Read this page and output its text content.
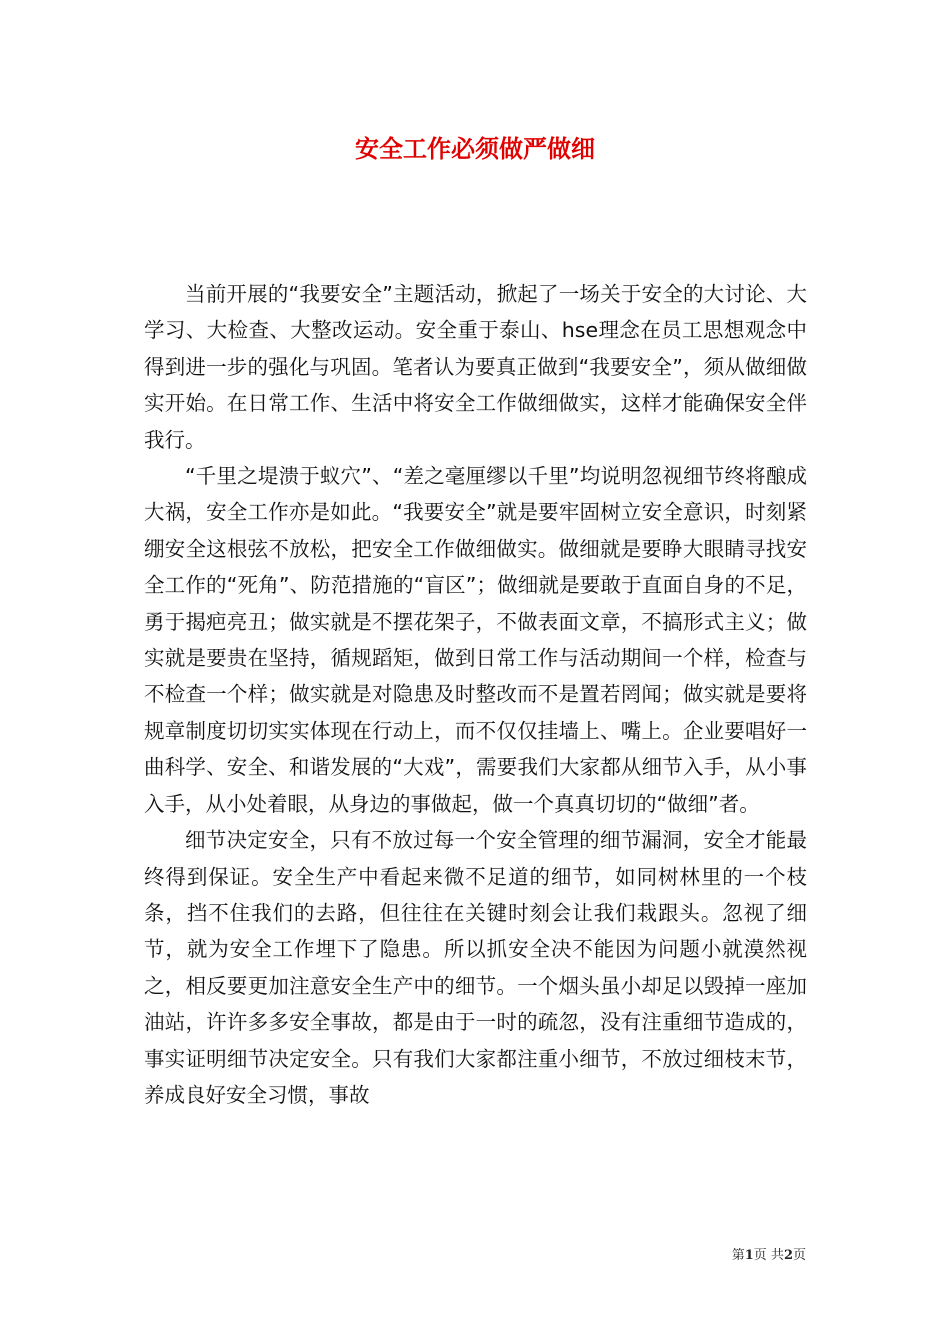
安全工作必须做严做细

当前开展的“我要安全”主题活动，掀起了一场关于安全的大讨论、大学习、大检查、大整改运动。安全重于泰山、hse理念在员工思想观念中得到进一步的强化与巩固。笔者认为要真正做到“我要安全”，须从做细做实开始。在日常工作、生活中将安全工作做细做实，这样才能确保安全伴我行。

“千里之堤溃于蚁穴”、“差之毫厘缪以千里”均说明忽视细节终将酿成大祸，安全工作亦是如此。“我要安全”就是要牢固树立安全意识，时刻紧绷安全这根弦不放松，把安全工作做细做实。做细就是要睁大眼睛寻找安全工作的“死角”、防范措施的“盲区”；做细就是要敢于直面自身的不足，勇于揭疤亮丑；做实就是不摆花架子，不做表面文章，不搞形式主义；做实就是要贵在坚持，循规蹈矩，做到日常工作与活动期间一个样，检查与不检查一个样；做实就是对隐患及时整改而不是置若罔闻；做实就是要将规章制度切切实实体现在行动上，而不仅仅挂墙上、嘴上。企业要唱好一曲科学、安全、和谐发展的“大戏”，需要我们大家都从细节入手，从小事入手，从小处着眼，从身边的事做起，做一个真真切切的“做细”者。

细节决定安全，只有不放过每一个安全管理的细节漏洞，安全才能最终得到保证。安全生产中看起来微不足道的细节，如同树林里的一个枝条，挡不住我们的去路，但往往在关键时刻会让我们栽跟头。忽视了细节，就为安全工作埋下了隐患。所以抓安全决不能因为问题小就漠然视之，相反要更加注意安全生产中的细节。一个烟头虽小却足以毁掉一座加油站，许许多多安全事故，都是由于一时的疏忽，没有注重细节造成的，事实证明细节决定安全。只有我们大家都注重小细节，不放过细枝末节，养成良好安全习惯，事故

第1页 共2页
